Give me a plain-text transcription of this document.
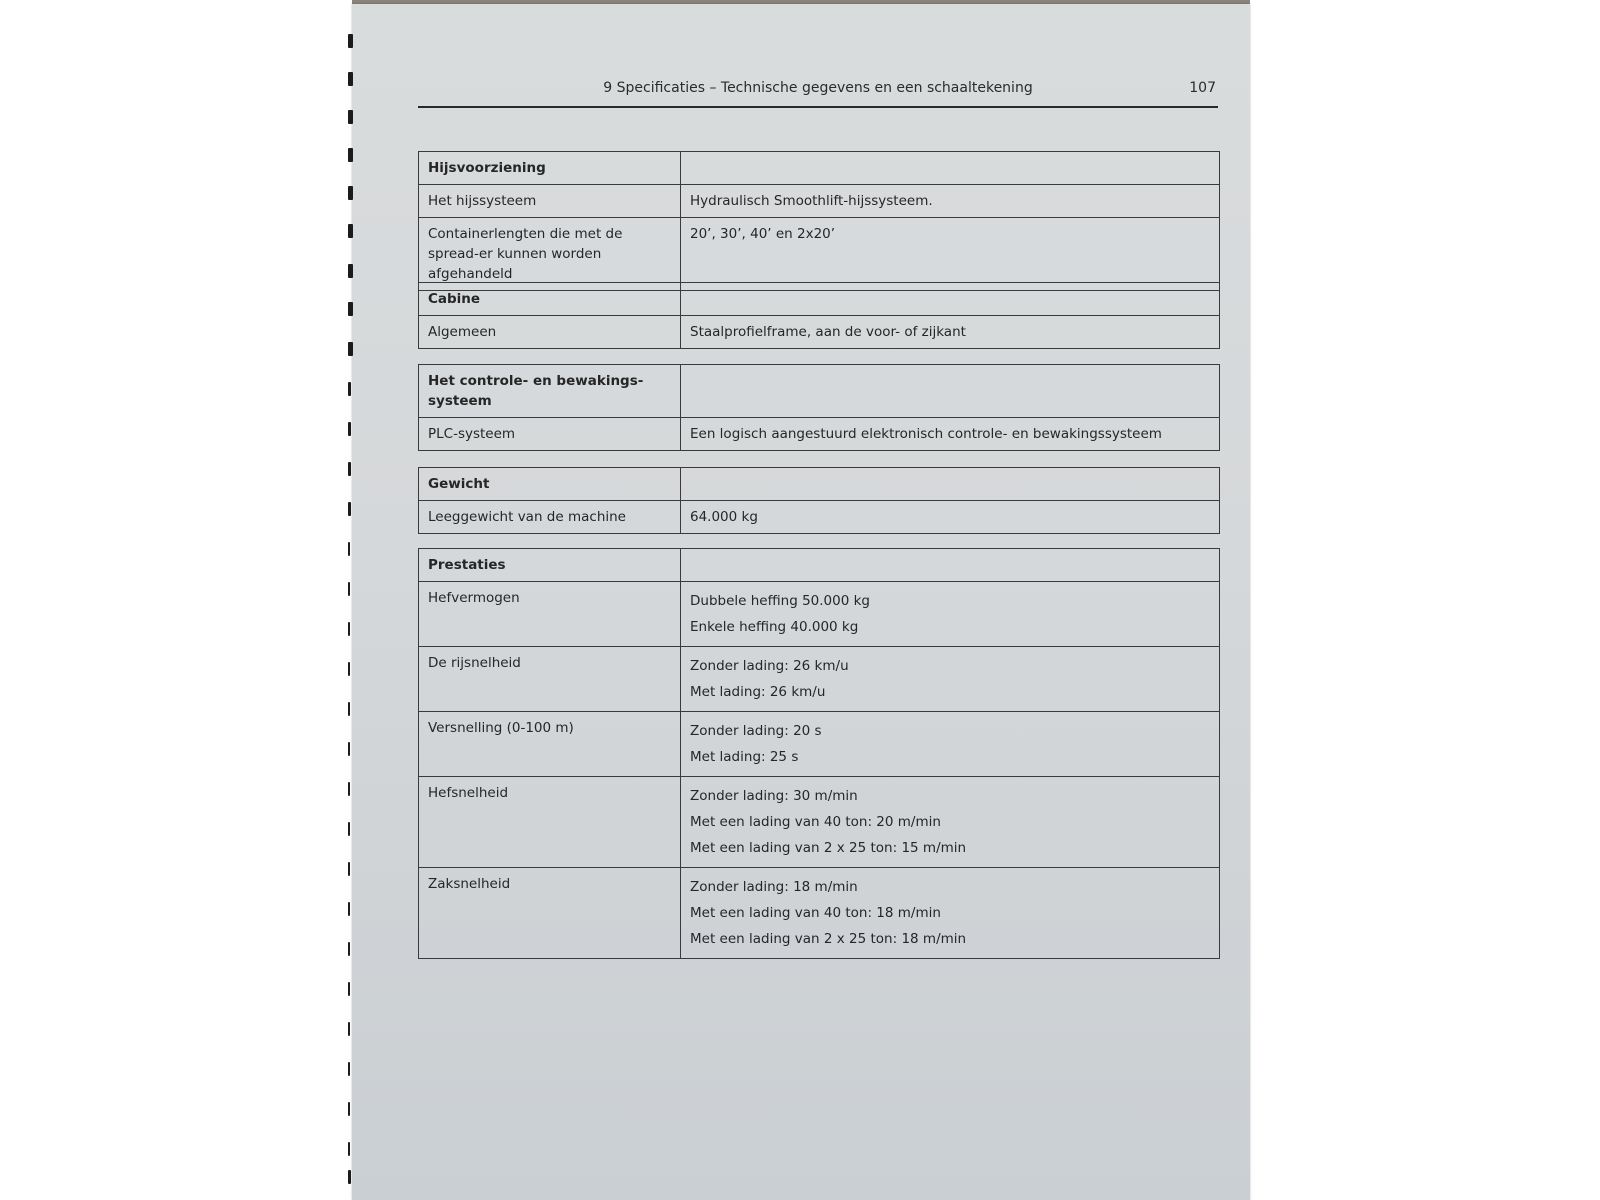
9 Specificaties – Technische gegevens en een schaaltekening	107
Hijsvoorziening	
Het hijssysteem	Hydraulisch Smoothlift-hijssysteem.
Containerlengten die met de spread-er kunnen worden afgehandeld	20’, 30’, 40’ en 2x20’
Cabine	
Algemeen	Staalprofielframe, aan de voor- of zijkant
Het controle- en bewakings-systeem	
PLC-systeem	Een logisch aangestuurd elektronisch controle- en bewakingssysteem
Gewicht	
Leeggewicht van de machine	64.000 kg
Prestaties	
Hefvermogen	Dubbele heffing 50.000 kg
Enkele heffing 40.000 kg

De rijsnelheid	Zonder lading: 26 km/u
Met lading: 26 km/u

Versnelling (0-100 m)	Zonder lading: 20 s
Met lading: 25 s

Hefsnelheid	Zonder lading: 30 m/min
Met een lading van 40 ton: 20 m/min
Met een lading van 2 x 25 ton: 15 m/min

Zaksnelheid	Zonder lading: 18 m/min
Met een lading van 40 ton: 18 m/min
Met een lading van 2 x 25 ton: 18 m/min
